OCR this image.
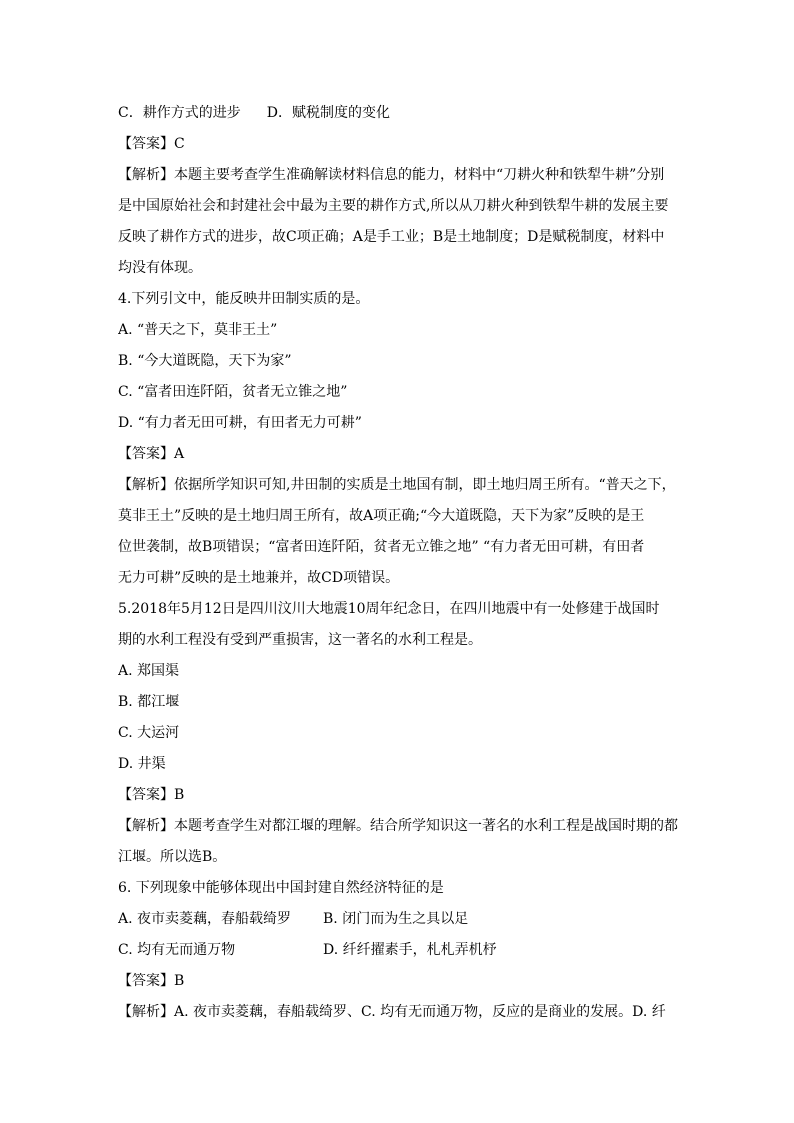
C．耕作方式的进步 D．赋税制度的变化
【答案】C
【解析】本题主要考查学生准确解读材料信息的能力，材料中“刀耕火种和铁犁牛耕”分别
是中国原始社会和封建社会中最为主要的耕作方式,所以从刀耕火种到铁犁牛耕的发展主要
反映了耕作方式的进步，故C项正确；A是手工业；B是土地制度；D是赋税制度，材料中
均没有体现。
4.下列引文中，能反映井田制实质的是。
A. “普天之下，莫非王土”
B. “今大道既隐，天下为家”
C. “富者田连阡陌，贫者无立锥之地”
D. “有力者无田可耕，有田者无力可耕”
【答案】A
【解析】依据所学知识可知,井田制的实质是土地国有制，即土地归周王所有。“普天之下，
莫非王土”反映的是土地归周王所有，故A项正确;“今大道既隐，天下为家”反映的是王
位世袭制，故B项错误；“富者田连阡陌，贫者无立锥之地” “有力者无田可耕，有田者
无力可耕”反映的是土地兼并，故CD项错误。
5.2018年5月12日是四川汶川大地震10周年纪念日，在四川地震中有一处修建于战国时
期的水利工程没有受到严重损害，这一著名的水利工程是。
A. 郑国渠
B. 都江堰
C. 大运河
D. 井渠
【答案】B
【解析】本题考查学生对都江堰的理解。结合所学知识这一著名的水利工程是战国时期的都
江堰。所以选B。
6. 下列现象中能够体现出中国封建自然经济特征的是
A. 夜市卖菱藕，春船载绮罗 B. 闭门而为生之具以足
C. 均有无而通万物	D. 纤纤擢素手，札札弄机杼
【答案】B
【解析】A. 夜市卖菱藕，春船载绮罗、C. 均有无而通万物，反应的是商业的发展。D. 纤
